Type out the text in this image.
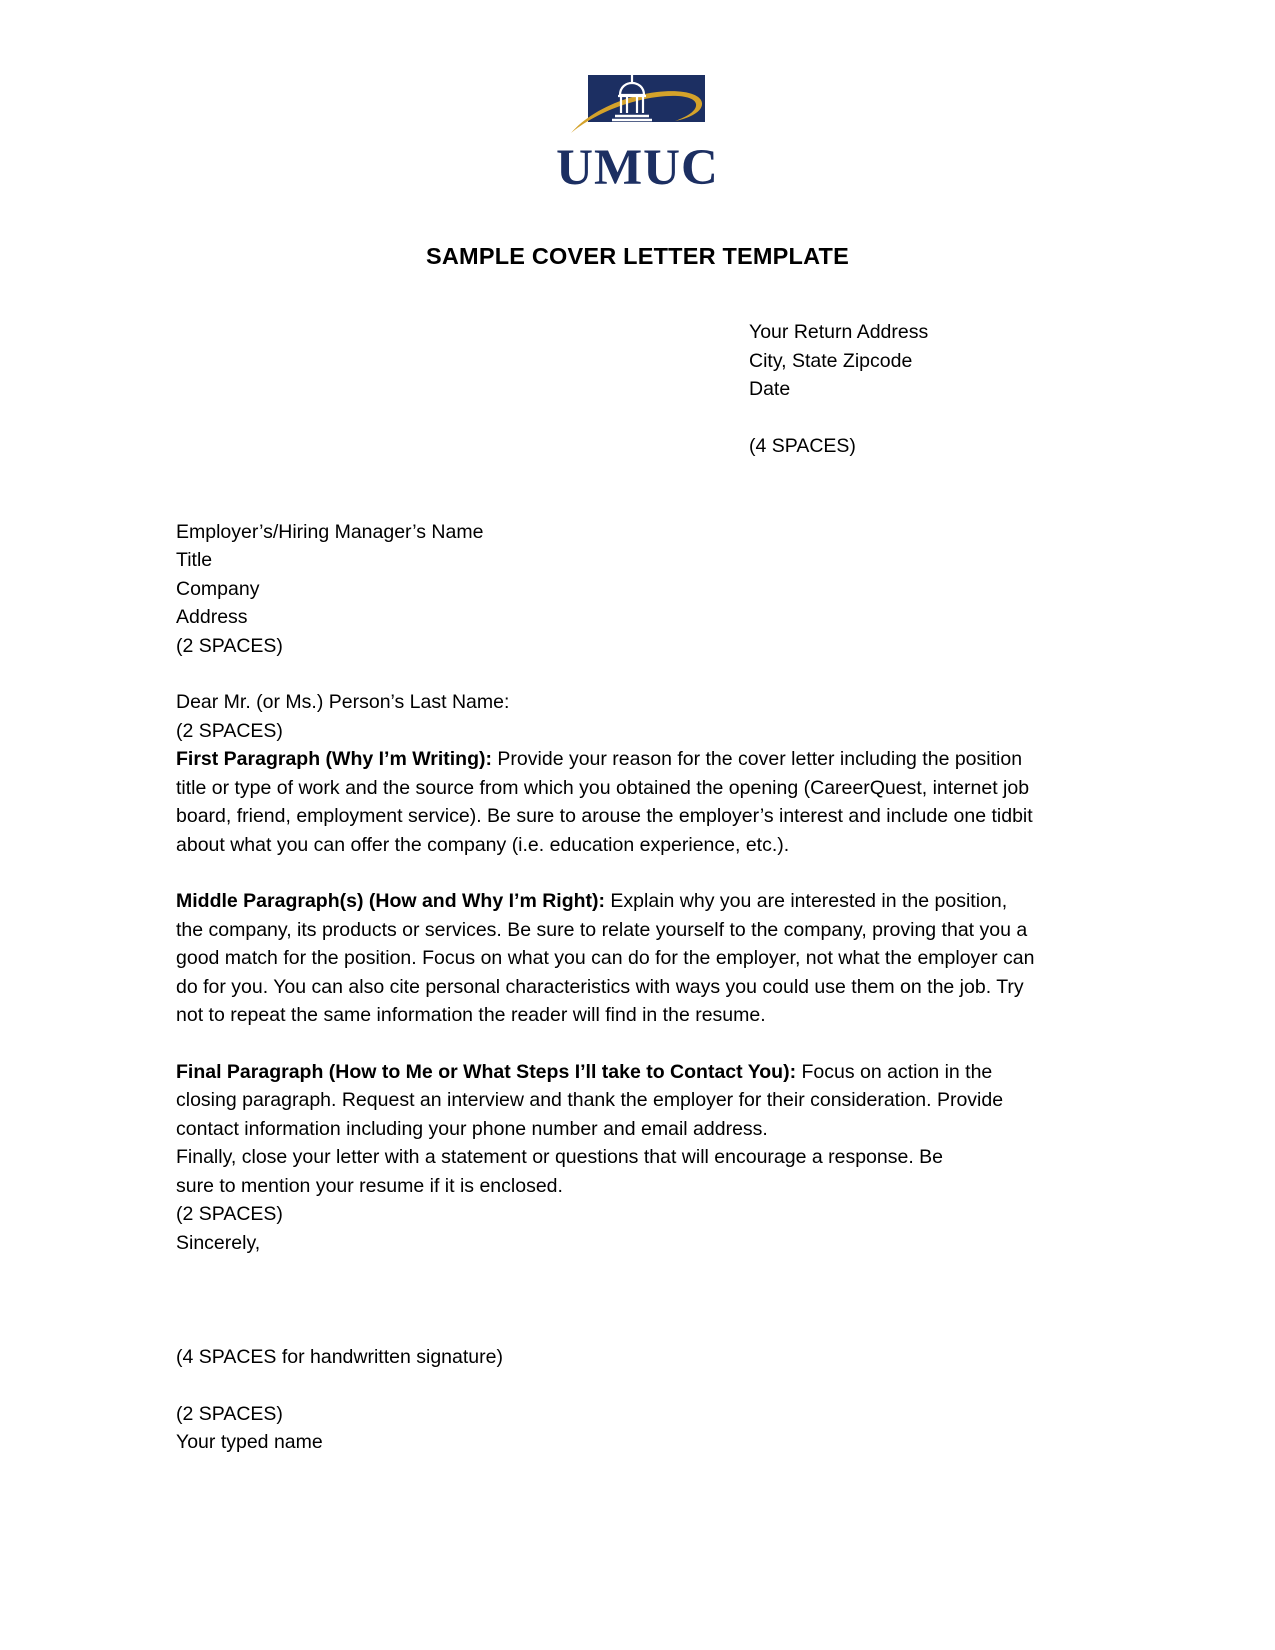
UMUC
SAMPLE COVER LETTER TEMPLATE
Your Return Address
City, State Zipcode
Date
(4 SPACES)
Employer’s/Hiring Manager’s Name
Title
Company
Address
(2 SPACES)
Dear Mr. (or Ms.) Person’s Last Name:
(2 SPACES)

First Paragraph (Why I’m Writing): Provide your reason for the cover letter including the position title or type of work and the source from which you obtained the opening (CareerQuest, internet job board, friend, employment service). Be sure to arouse the employer’s interest and include one tidbit about what you can offer the company (i.e. education experience, etc.).

Middle Paragraph(s) (How and Why I’m Right): Explain why you are interested in the position, the company, its products or services. Be sure to relate yourself to the company, proving that you a good match for the position. Focus on what you can do for the employer, not what the employer can do for you. You can also cite personal characteristics with ways you could use them on the job. Try not to repeat the same information the reader will find in the resume.

Final Paragraph (How to Me or What Steps I’ll take to Contact You): Focus on action in the closing paragraph. Request an interview and thank the employer for their consideration. Provide contact information including your phone number and email address.

Finally, close your letter with a statement or questions that will encourage a response. Be
sure to mention your resume if it is enclosed.
(2 SPACES)
Sincerely,
(4 SPACES for handwritten signature)
(2 SPACES)
Your typed name
